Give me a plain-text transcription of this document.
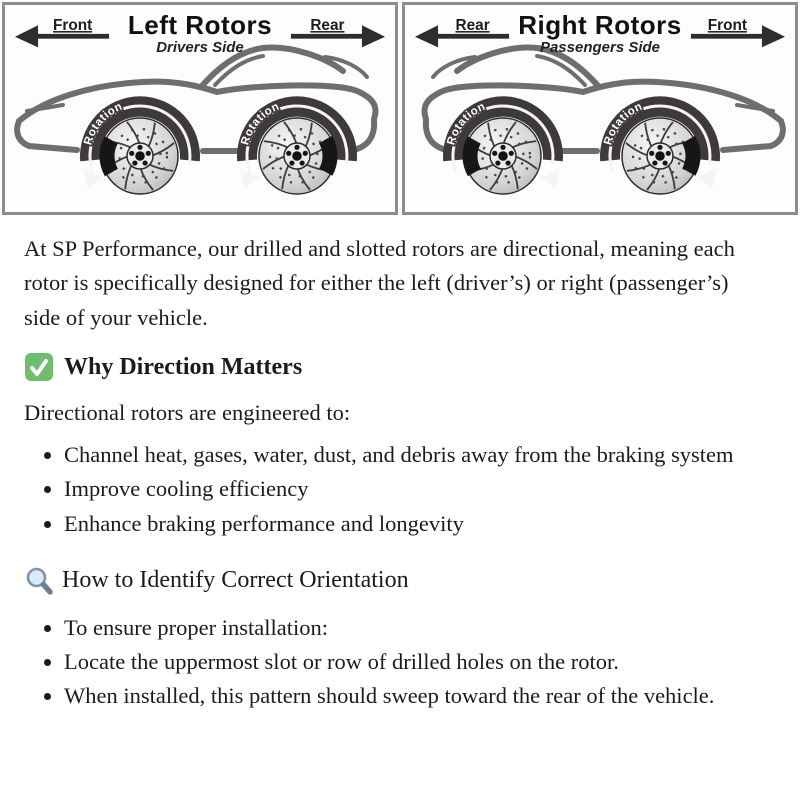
Front	Left Rotors
Drivers Side
Rear
Rotation
Rotation
Rear Right Rotors
Passengers Side
Front
Rotation
Rotation

At SP Performance, our drilled and slotted rotors are directional, meaning each rotor is specifically designed for either the left (driver’s) or right (passenger’s) side of your vehicle.

Why Direction Matters

Directional rotors are engineered to:

• Channel heat, gases, water, dust, and debris away from the braking system
• Improve cooling efficiency
• Enhance braking performance and longevity
How to Identify Correct Orientation
• To ensure proper installation:
• Locate the uppermost slot or row of drilled holes on the rotor.
• When installed, this pattern should sweep toward the rear of the vehicle.
